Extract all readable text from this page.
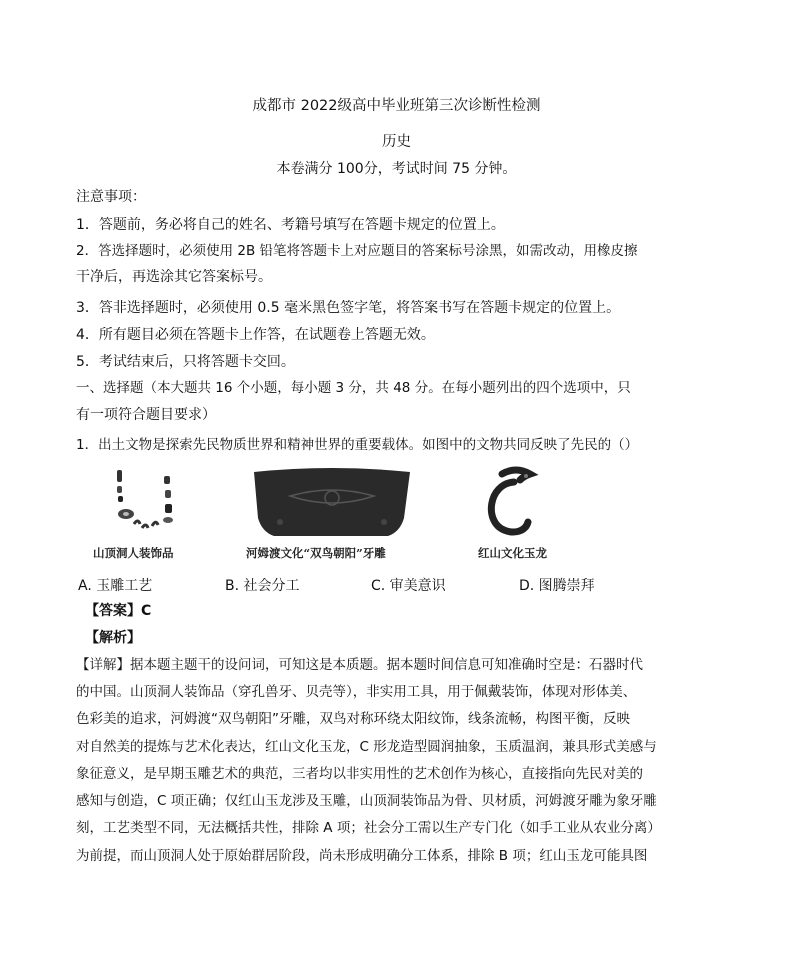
成都市 2022级高中毕业班第三次诊断性检测
历史
本卷满分 100分，考试时间 75 分钟。
注意事项：
1．答题前，务必将自己的姓名、考籍号填写在答题卡规定的位置上。
2．答选择题时，必须使用 2B 铅笔将答题卡上对应题目的答案标号涂黑，如需改动，用橡皮擦
干净后，再选涂其它答案标号。
3．答非选择题时，必须使用 0.5 毫米黑色签字笔，将答案书写在答题卡规定的位置上。
4．所有题目必须在答题卡上作答，在试题卷上答题无效。
5．考试结束后，只将答题卡交回。
一、选择题（本大题共 16 个小题，每小题 3 分，共 48 分。在每小题列出的四个选项中，只
有一项符合题目要求）
1．出土文物是探索先民物质世界和精神世界的重要载体。如图中的文物共同反映了先民的（）
山顶洞人装饰品	河姆渡文化“双鸟朝阳”牙雕	红山文化玉龙
A. 玉雕工艺	B. 社会分工	C. 审美意识	D. 图腾崇拜
【答案】C
【解析】
【详解】据本题主题干的设问词，可知这是本质题。据本题时间信息可知准确时空是：石器时代
的中国。山顶洞人装饰品（穿孔兽牙、贝壳等），非实用工具，用于佩戴装饰，体现对形体美、
色彩美的追求，河姆渡“双鸟朝阳”牙雕，双鸟对称环绕太阳纹饰，线条流畅，构图平衡，反映
对自然美的提炼与艺术化表达，红山文化玉龙，C 形龙造型圆润抽象，玉质温润，兼具形式美感与
象征意义，是早期玉雕艺术的典范，三者均以非实用性的艺术创作为核心，直接指向先民对美的
感知与创造，C 项正确；仅红山玉龙涉及玉雕，山顶洞装饰品为骨、贝材质，河姆渡牙雕为象牙雕
刻，工艺类型不同，无法概括共性，排除 A 项；社会分工需以生产专门化（如手工业从农业分离）
为前提，而山顶洞人处于原始群居阶段，尚未形成明确分工体系，排除 B 项；红山玉龙可能具图
